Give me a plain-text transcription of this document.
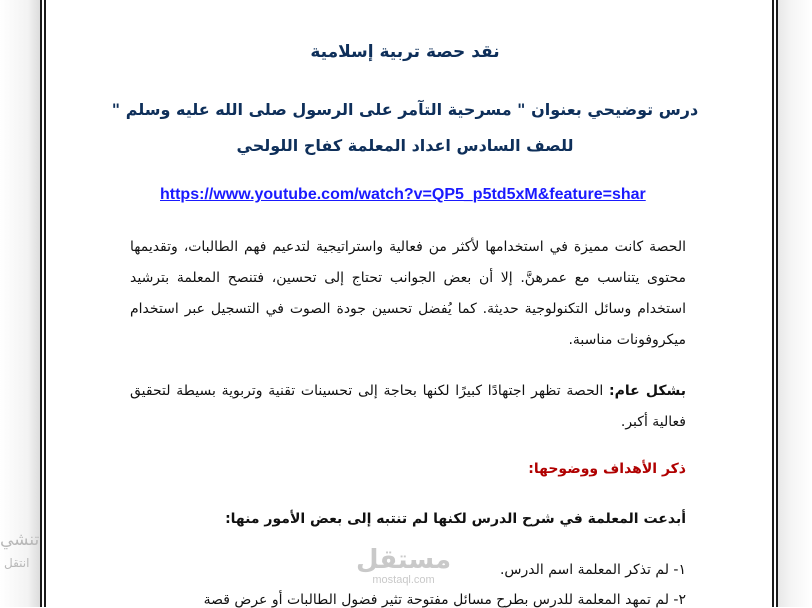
تنشي
انتقل
نقد حصة تربية إسلامية
درس توضيحي بعنوان " مسرحية التآمر على الرسول صلى الله عليه وسلم "
للصف السادس اعداد المعلمة كفاح اللولحي
https://www.youtube.com/watch?v=QP5_p5td5xM&feature=shar
الحصة كانت مميزة في استخدامها لأكثر من فعالية واستراتيجية لتدعيم فهم الطالبات، وتقديمها محتوى يتناسب مع عمرهنَّ. إلا أن بعض الجوانب تحتاج إلى تحسين، فتنصح المعلمة بترشيد استخدام وسائل التكنولوجية حديثة. كما يُفضل تحسين جودة الصوت في التسجيل عبر استخدام ميكروفونات مناسبة.
بشكل عام: الحصة تظهر اجتهادًا كبيرًا لكنها بحاجة إلى تحسينات تقنية وتربوية بسيطة لتحقيق فعالية أكبر.
ذكر الأهداف ووضوحها:
أبدعت المعلمة في شرح الدرس لكنها لم تنتبه إلى بعض الأمور منها:
١- لم تذكر المعلمة اسم الدرس.
٢- لم تمهد المعلمة للدرس بطرح مسائل مفتوحة تثير فضول الطالبات أو عرض قصة
مستقل
mostaql.com
